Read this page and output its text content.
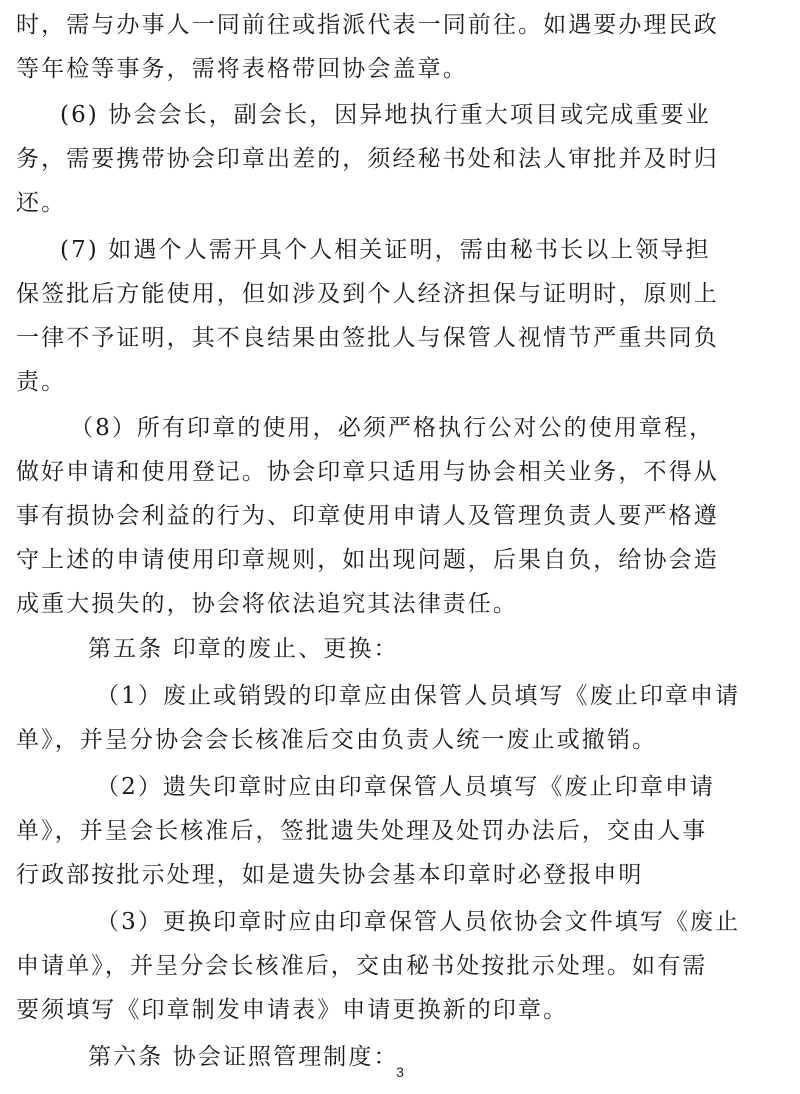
时，需与办事人一同前往或指派代表一同前往。如遇要办理民政
等年检等事务，需将表格带回协会盖章。
(6) 协会会长，副会长，因异地执行重大项目或完成重要业
务，需要携带协会印章出差的，须经秘书处和法人审批并及时归
还。
(7) 如遇个人需开具个人相关证明，需由秘书长以上领导担
保签批后方能使用，但如涉及到个人经济担保与证明时，原则上
一律不予证明，其不良结果由签批人与保管人视情节严重共同负
责。
（8）所有印章的使用，必须严格执行公对公的使用章程，
做好申请和使用登记。协会印章只适用与协会相关业务，不得从
事有损协会利益的行为、印章使用申请人及管理负责人要严格遵
守上述的申请使用印章规则，如出现问题，后果自负，给协会造
成重大损失的，协会将依法追究其法律责任。
第五条 印章的废止、更换：
（1）废止或销毁的印章应由保管人员填写《废止印章申请
单》，并呈分协会会长核准后交由负责人统一废止或撤销。
（2）遗失印章时应由印章保管人员填写《废止印章申请
单》，并呈会长核准后，签批遗失处理及处罚办法后，交由人事
行政部按批示处理，如是遗失协会基本印章时必登报申明
（3）更换印章时应由印章保管人员依协会文件填写《废止
申请单》，并呈分会长核准后，交由秘书处按批示处理。如有需
要须填写《印章制发申请表》申请更换新的印章。
第六条 协会证照管理制度：
3
